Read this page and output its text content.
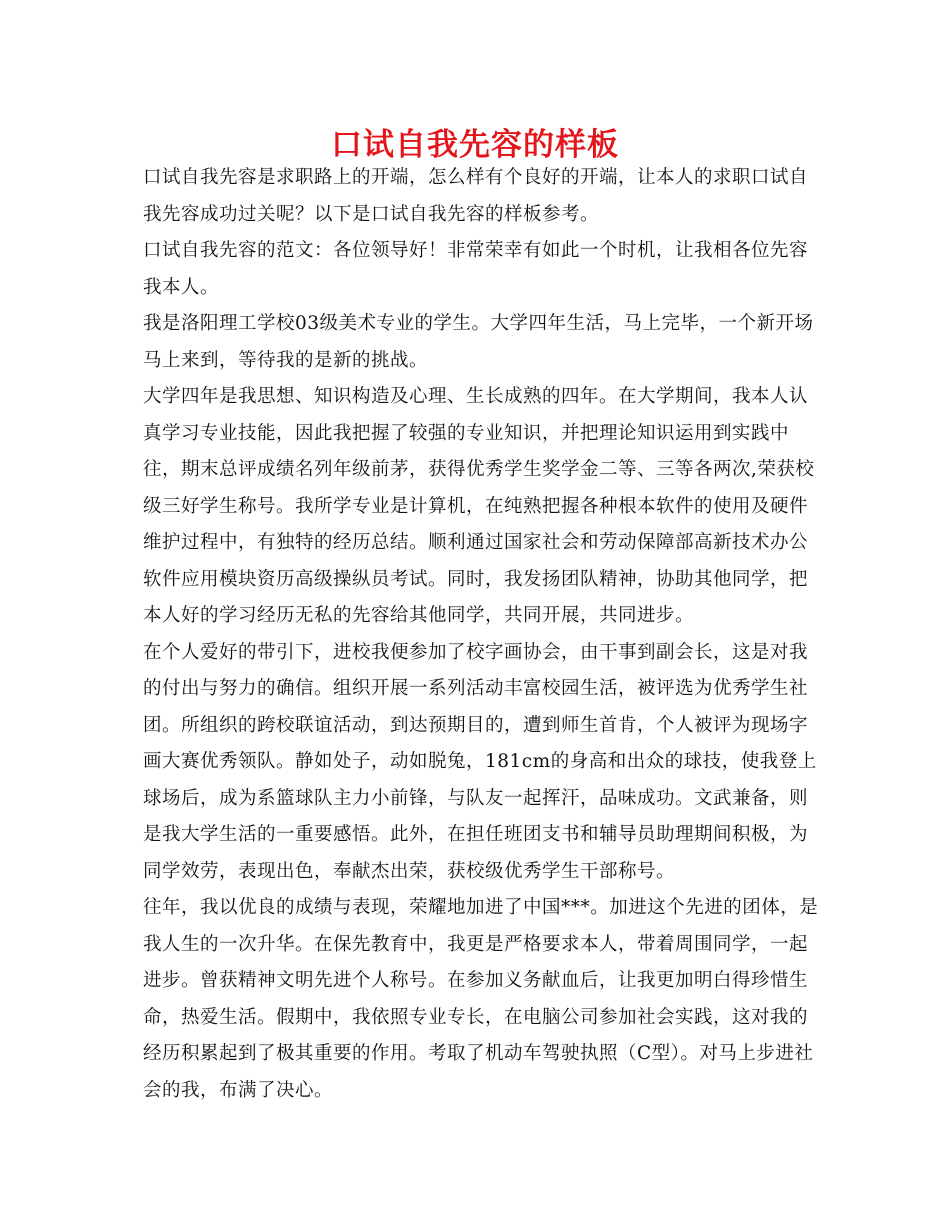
口试自我先容的样板

口试自我先容是求职路上的开端，怎么样有个良好的开端，让本人的求职口试自我先容成功过关呢？以下是口试自我先容的样板参考。

口试自我先容的范文：各位领导好！非常荣幸有如此一个时机，让我相各位先容我本人。

我是洛阳理工学校03级美术专业的学生。大学四年生活，马上完毕，一个新开场马上来到，等待我的是新的挑战。

大学四年是我思想、知识构造及心理、生长成熟的四年。在大学期间，我本人认真学习专业技能，因此我把握了较强的专业知识，并把理论知识运用到实践中往，期末总评成绩名列年级前茅，获得优秀学生奖学金二等、三等各两次,荣获校级三好学生称号。我所学专业是计算机，在纯熟把握各种根本软件的使用及硬件维护过程中，有独特的经历总结。顺利通过国家社会和劳动保障部高新技术办公软件应用模块资历高级操纵员考试。同时，我发扬团队精神，协助其他同学，把本人好的学习经历无私的先容给其他同学，共同开展，共同进步。

在个人爱好的带引下，进校我便参加了校字画协会，由干事到副会长，这是对我的付出与努力的确信。组织开展一系列活动丰富校园生活，被评选为优秀学生社团。所组织的跨校联谊活动，到达预期目的，遭到师生首肯，个人被评为现场字画大赛优秀领队。静如处子，动如脱兔，181cm的身高和出众的球技，使我登上球场后，成为系篮球队主力小前锋，与队友一起挥汗，品味成功。文武兼备，则是我大学生活的一重要感悟。此外，在担任班团支书和辅导员助理期间积极，为同学效劳，表现出色，奉献杰出荣，获校级优秀学生干部称号。

往年，我以优良的成绩与表现，荣耀地加进了中国***。加进这个先进的团体，是我人生的一次升华。在保先教育中，我更是严格要求本人，带着周围同学，一起进步。曾获精神文明先进个人称号。在参加义务献血后，让我更加明白得珍惜生命，热爱生活。假期中，我依照专业专长，在电脑公司参加社会实践，这对我的经历积累起到了极其重要的作用。考取了机动车驾驶执照（C型）。对马上步进社会的我，布满了决心。
